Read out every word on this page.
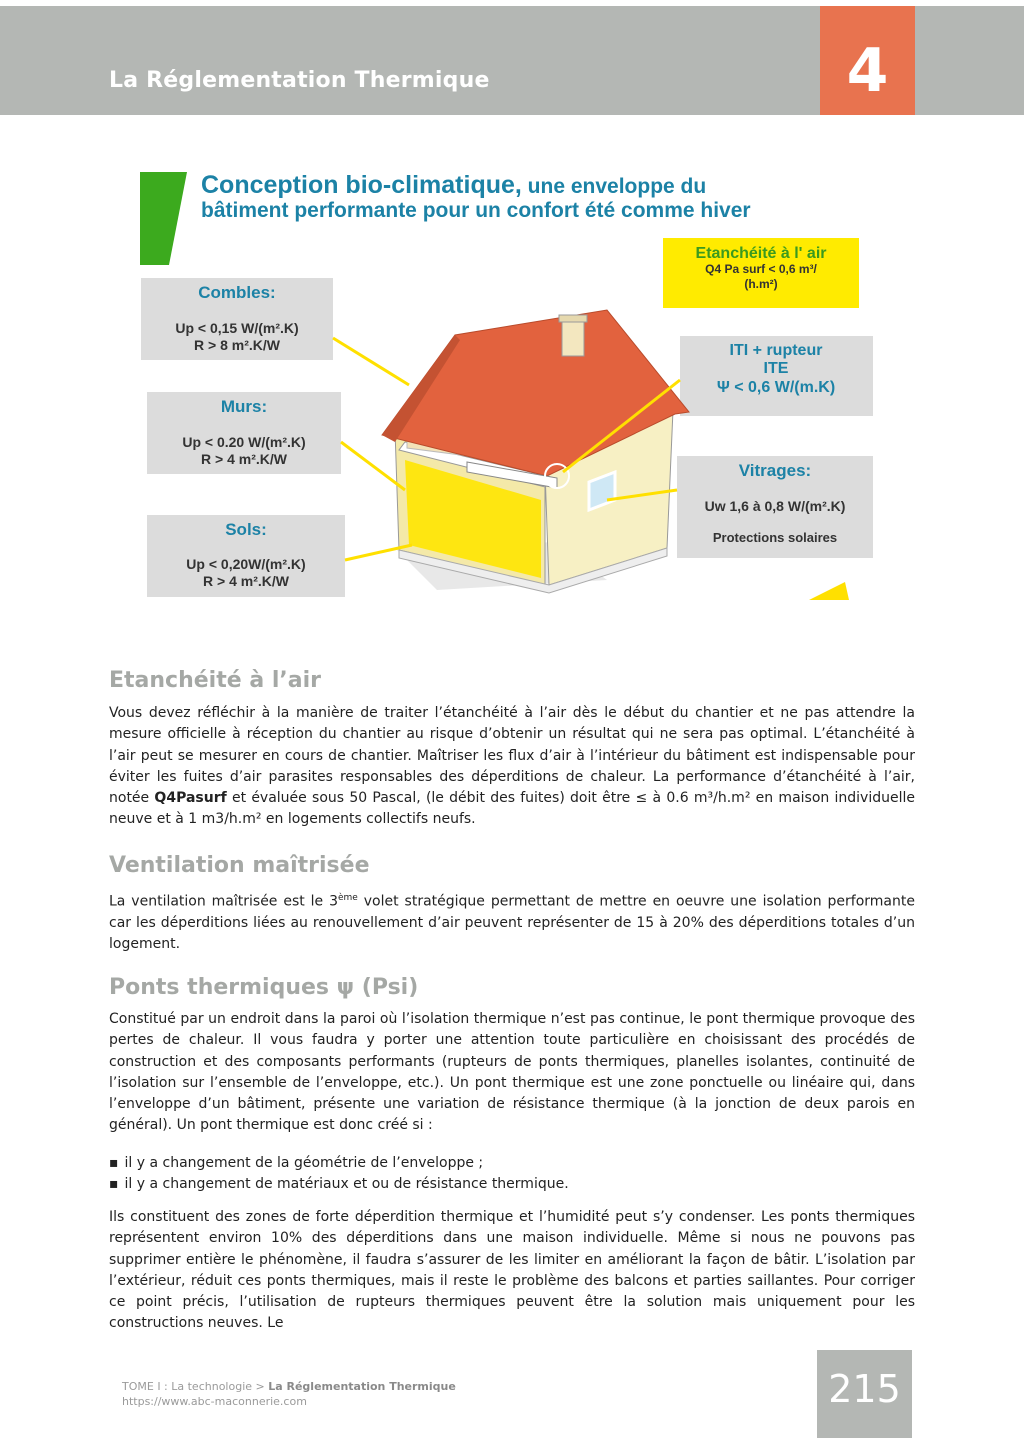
La Réglementation Thermique	4
Conception bio-climatique, une enveloppe du
bâtiment performante pour un confort été comme hiver
Etanchéité à l' air
Q4 Pa surf < 0,6 m³/
(h.m²)
Combles:
Up < 0,15 W/(m².K)
R > 8 m².K/W
Murs:
Up < 0.20 W/(m².K)
R > 4 m².K/W
Sols:
Up < 0,20W/(m².K)
R > 4 m².K/W
ITI + rupteur
ITE
Ψ < 0,6 W/(m.K)
Vitrages:
Uw 1,6 à 0,8 W/(m².K)
Protections solaires
Etanchéité à l’air

Vous devez réfléchir à la manière de traiter l’étanchéité à l’air dès le début du chantier et ne pas attendre la mesure officielle à réception du chantier au risque d’obtenir un résultat qui ne sera pas optimal. L’étanchéité à l’air peut se mesurer en cours de chantier. Maîtriser les flux d’air à l’intérieur du bâtiment est indispensable pour éviter les fuites d’air parasites responsables des déperditions de chaleur. La performance d’étanchéité à l’air, notée Q4Pasurf et évaluée sous 50 Pascal, (le débit des fuites) doit être ≤ à 0.6 m³/h.m² en maison individuelle neuve et à 1 m3/h.m² en logements collectifs neufs.

Ventilation maîtrisée

La ventilation maîtrisée est le 3ème volet stratégique permettant de mettre en oeuvre une isolation performante car les déperditions liées au renouvellement d’air peuvent représenter de 15 à 20% des déperditions totales d’un logement.

Ponts thermiques ψ (Psi)

Constitué par un endroit dans la paroi où l’isolation thermique n’est pas continue, le pont thermique provoque des pertes de chaleur. Il vous faudra y porter une attention toute particulière en choisissant des procédés de construction et des composants performants (rupteurs de ponts thermiques, planelles isolantes, continuité de l’isolation sur l’ensemble de l’enveloppe, etc.). Un pont thermique est une zone ponctuelle ou linéaire qui, dans l’enveloppe d’un bâtiment, présente une variation de résistance thermique (à la jonction de deux parois en général). Un pont thermique est donc créé si :

▪ il y a changement de la géométrie de l’enveloppe ;
▪ il y a changement de matériaux et ou de résistance thermique.

Ils constituent des zones de forte déperdition thermique et l’humidité peut s’y condenser. Les ponts thermiques représentent environ 10% des déperditions dans une maison individuelle. Même si nous ne pouvons pas supprimer entière le phénomène, il faudra s’assurer de les limiter en améliorant la façon de bâtir. L’isolation par l’extérieur, réduit ces ponts thermiques, mais il reste le problème des balcons et parties saillantes. Pour corriger ce point précis, l’utilisation de rupteurs thermiques peuvent être la solution mais uniquement pour les constructions neuves. Le

TOME I : La technologie > La Réglementation Thermique
https://www.abc-maconnerie.com	215
